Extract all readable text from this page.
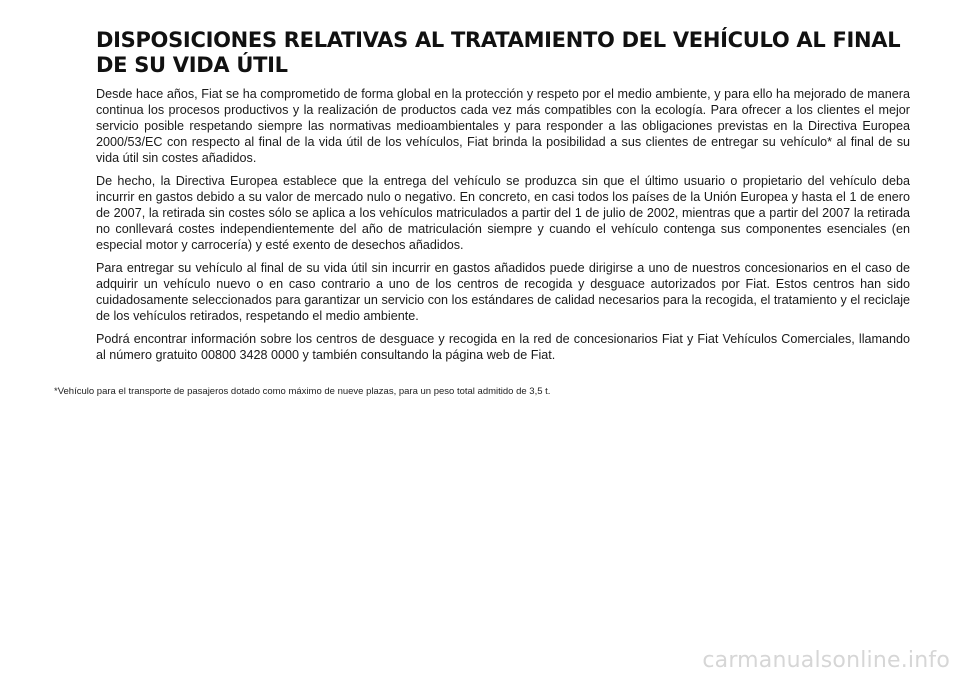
DISPOSICIONES RELATIVAS AL TRATAMIENTO DEL VEHÍCULO AL FINAL DE SU VIDA ÚTIL

Desde hace años, Fiat se ha comprometido de forma global en la protección y respeto por el medio ambiente, y para ello ha mejorado de manera continua los procesos productivos y la realización de productos cada vez más compatibles con la ecología. Para ofrecer a los clientes el mejor servicio posible respetando siempre las normativas medioambientales y para responder a las obligaciones previstas en la Directiva Europea 2000/53/EC con respecto al final de la vida útil de los vehículos, Fiat brinda la posibilidad a sus clientes de entregar su vehículo* al final de su vida útil sin costes añadidos.

De hecho, la Directiva Europea establece que la entrega del vehículo se produzca sin que el último usuario o propietario del vehículo deba incurrir en gastos debido a su valor de mercado nulo o negativo. En concreto, en casi todos los países de la Unión Europea y hasta el 1 de enero de 2007, la retirada sin costes sólo se aplica a los vehículos matriculados a partir del 1 de julio de 2002, mientras que a partir del 2007 la retirada no conllevará costes independientemente del año de matriculación siempre y cuando el vehículo contenga sus componentes esenciales (en especial motor y carrocería) y esté exento de desechos añadidos.

Para entregar su vehículo al final de su vida útil sin incurrir en gastos añadidos puede dirigirse a uno de nuestros concesionarios en el caso de adquirir un vehículo nuevo o en caso contrario a uno de los centros de recogida y desguace autorizados por Fiat. Estos centros han sido cuidadosamente seleccionados para garantizar un servicio con los estándares de calidad necesarios para la recogida, el tratamiento y el reciclaje de los vehículos retirados, respetando el medio ambiente.

Podrá encontrar información sobre los centros de desguace y recogida en la red de concesionarios Fiat y Fiat Vehículos Comerciales, llamando al número gratuito 00800 3428 0000 y también consultando la página web de Fiat.

*Vehículo para el transporte de pasajeros dotado como máximo de nueve plazas, para un peso total admitido de 3,5 t.

carmanualsonline.info
